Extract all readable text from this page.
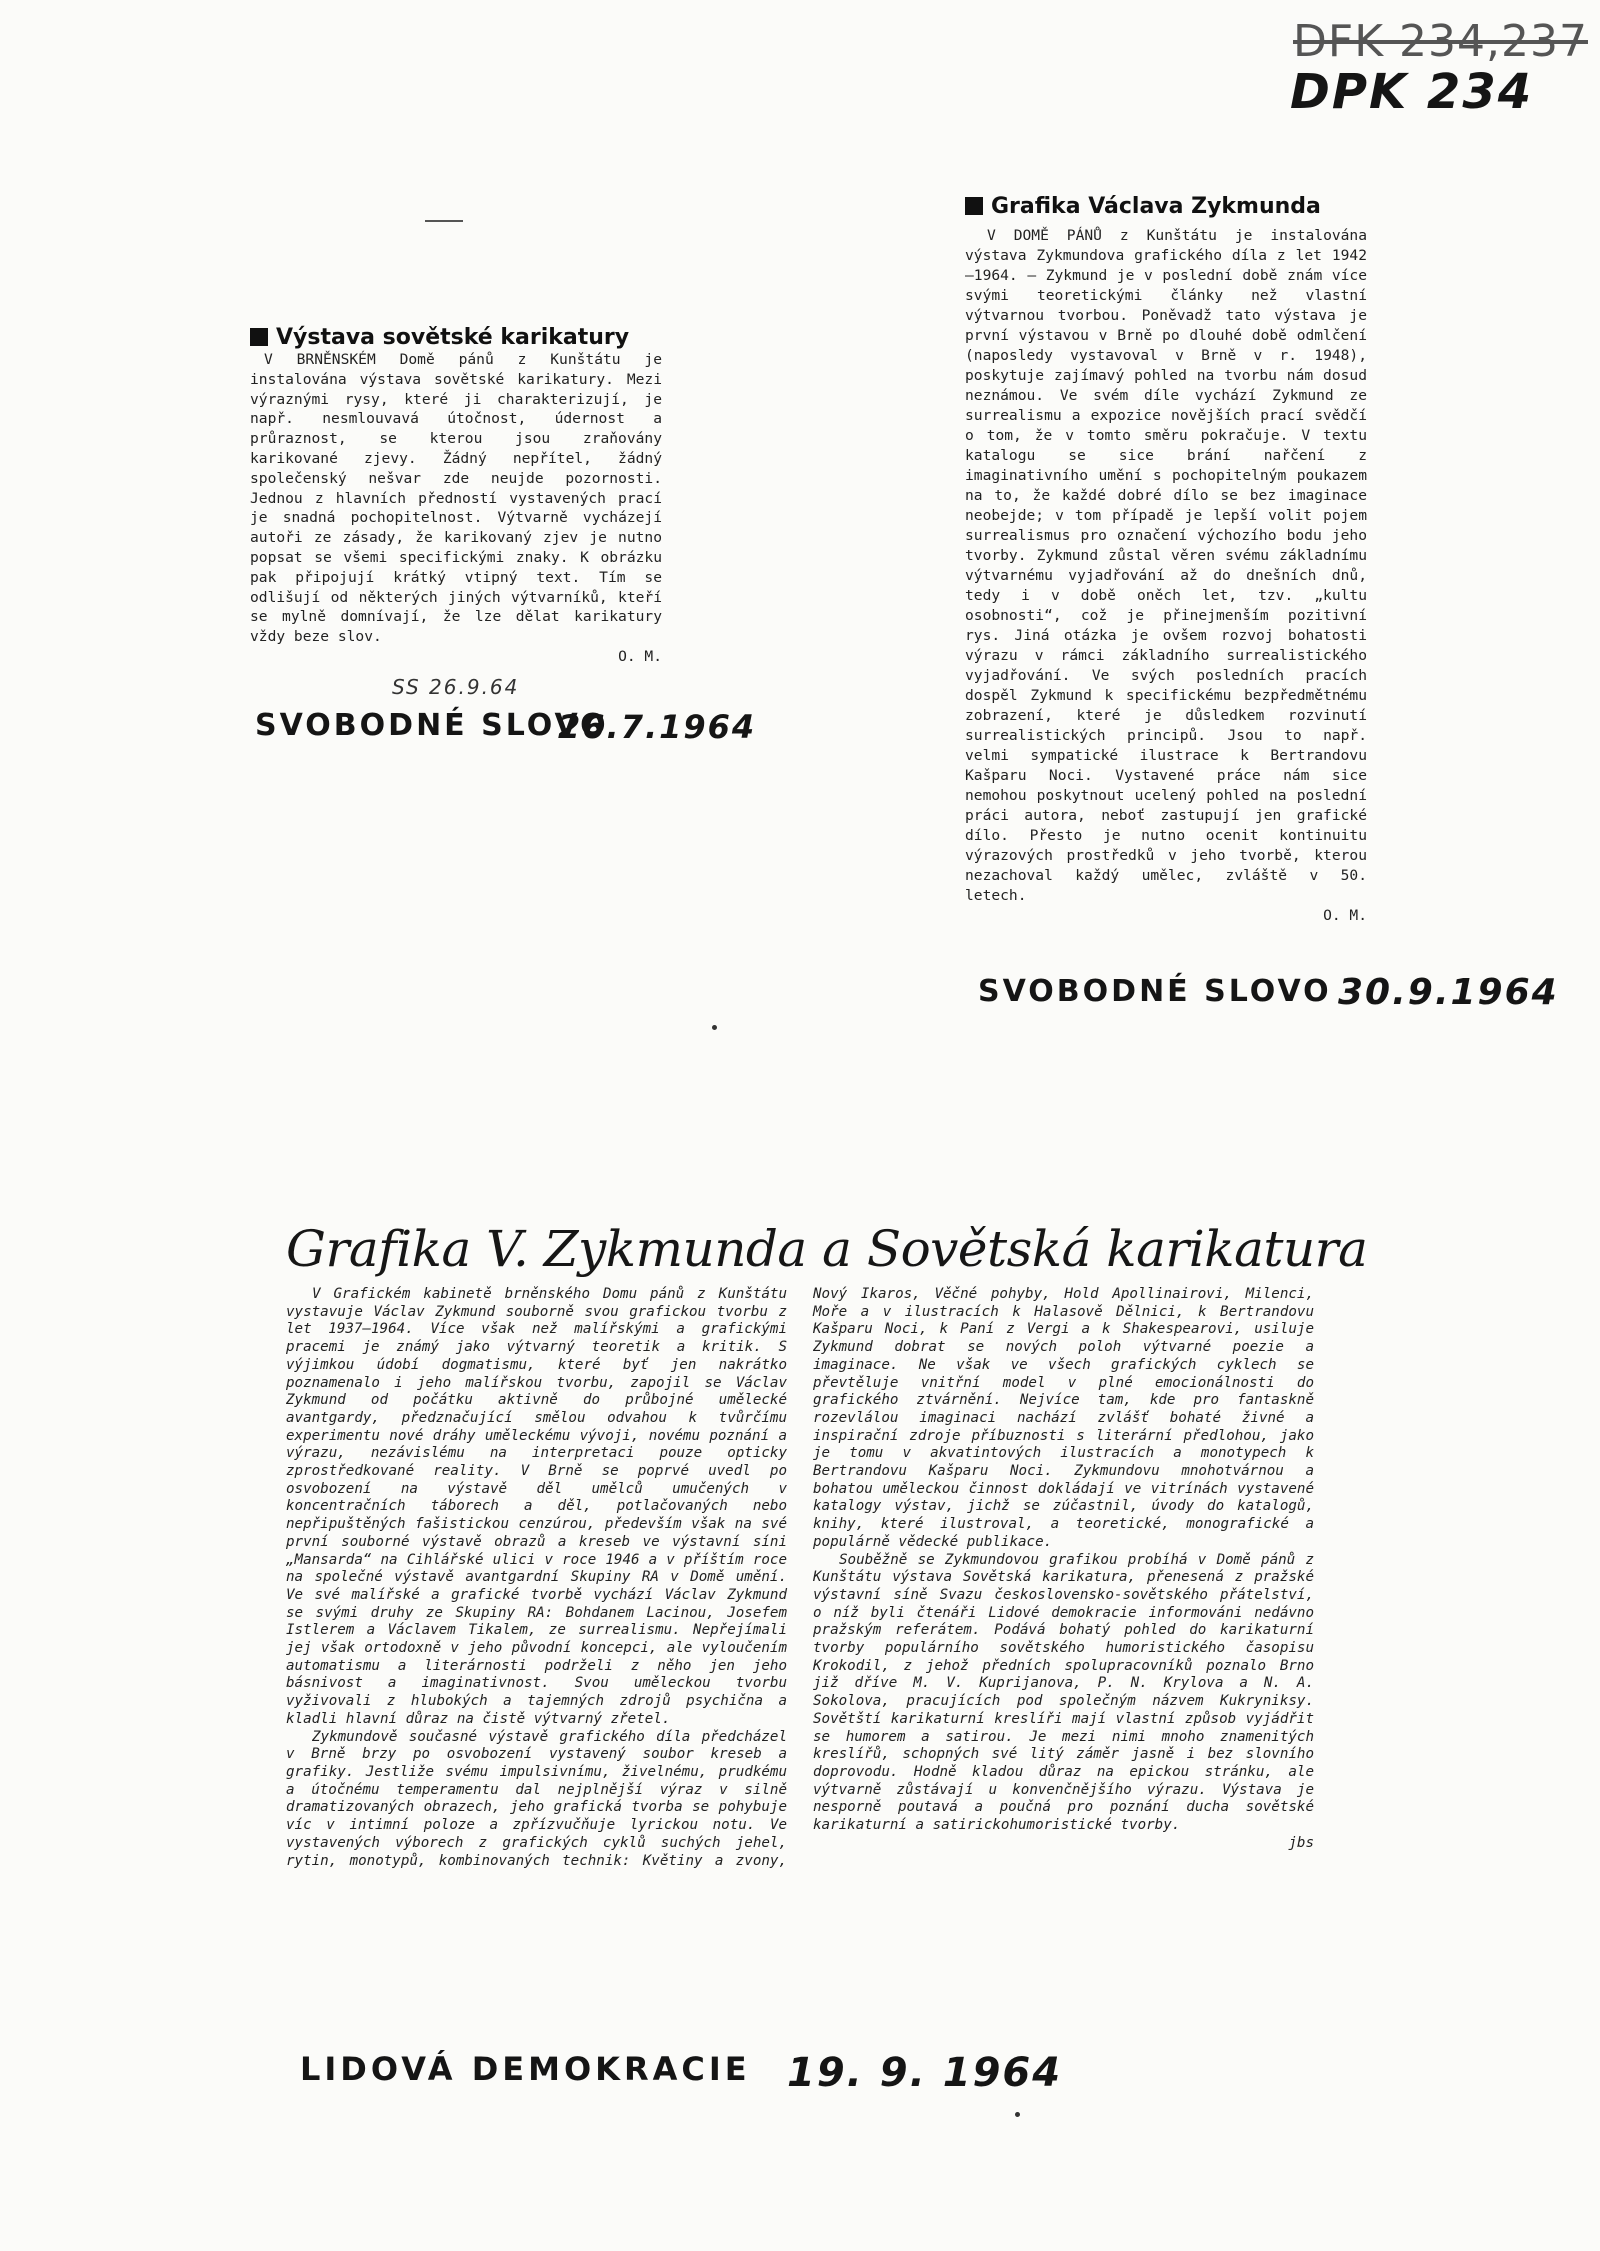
DFK 234,237
DPK 234
Výstava sovětské karikatury

V BRNĚNSKÉM Domě pánů z Kunštátu je instalována výstava sovětské karikatury. Mezi výraznými rysy, které ji charakterizují, je např. nesmlouvavá útočnost, údernost a průraznost, se kterou jsou zraňovány karikované zjevy. Žádný nepřítel, žádný společenský nešvar zde neujde pozornosti. Jednou z hlavních předností vystavených prací je snadná pochopitelnost. Výtvarně vycházejí autoři ze zásady, že karikovaný zjev je nutno popsat se všemi specifickými znaky. K obrázku pak připojují krátký vtipný text. Tím se odlišují od některých jiných výtvarníků, kteří se mylně domnívají, že lze dělat karikatury vždy beze slov.

O. M.
SS 26.9.64
SVOBODNÉ SLOVO
26.7.1964
Grafika Václava Zykmunda

V DOMĚ PÁNŮ z Kunštátu je instalována výstava Zykmundova grafického díla z let 1942—1964. — Zykmund je v poslední době znám více svými teoretickými články než vlastní výtvarnou tvorbou. Poněvadž tato výstava je první výstavou v Brně po dlouhé době odmlčení (naposledy vystavoval v Brně v r. 1948), poskytuje zajímavý pohled na tvorbu nám dosud neznámou. Ve svém díle vychází Zykmund ze surrealismu a expozice novějších prací svědčí o tom, že v tomto směru pokračuje. V textu katalogu se sice brání nařčení z imaginativního umění s pochopitelným poukazem na to, že každé dobré dílo se bez imaginace neobejde; v tom případě je lepší volit pojem surrealismus pro označení výchozího bodu jeho tvorby. Zykmund zůstal věren svému základnímu výtvarnému vyjadřování až do dnešních dnů, tedy i v době oněch let, tzv. „kultu osobnosti“, což je přinejmenším pozitivní rys. Jiná otázka je ovšem rozvoj bohatosti výrazu v rámci základního surrealistického vyjadřování. Ve svých posledních pracích dospěl Zykmund k specifickému bezpředmětnému zobrazení, které je důsledkem rozvinutí surrealistických principů. Jsou to např. velmi sympatické ilustrace k Bertrandovu Kašparu Noci. Vystavené práce nám sice nemohou poskytnout ucelený pohled na poslední práci autora, neboť zastupují jen grafické dílo. Přesto je nutno ocenit kontinuitu výrazových prostředků v jeho tvorbě, kterou nezachoval každý umělec, zvláště v 50. letech.

O. M.
SVOBODNÉ SLOVO 30.9.1964
Grafika V. Zykmunda a Sovětská karikatura

V Grafickém kabinetě brněnského Domu pánů z Kunštátu vystavuje Václav Zykmund souborně svou grafickou tvorbu z let 1937—1964. Více však než malířskými a grafickými pracemi je známý jako výtvarný teoretik a kritik. S výjimkou údobí dogmatismu, které byť jen nakrátko poznamenalo i jeho malířskou tvorbu, zapojil se Václav Zykmund od počátku aktivně do průbojné umělecké avantgardy, předznačující smělou odvahou k tvůrčímu experimentu nové dráhy uměleckému vývoji, novému poznání a výrazu, nezávislému na interpretaci pouze opticky zprostředkované reality. V Brně se poprvé uvedl po osvobození na výstavě děl umělců umučených v koncentračních táborech a děl, potlačovaných nebo nepřipuštěných fašistickou cenzúrou, především však na své první souborné výstavě obrazů a kreseb ve výstavní síni „Mansarda“ na Cihlářské ulici v roce 1946 a v příštím roce na společné výstavě avantgardní Skupiny RA v Domě umění. Ve své malířské a grafické tvorbě vychází Václav Zykmund se svými druhy ze Skupiny RA: Bohdanem Lacinou, Josefem Istlerem a Václavem Tikalem, ze surrealismu. Nepřejímali jej však ortodoxně v jeho původní koncepci, ale vyloučením automatismu a literárnosti podrželi z něho jen jeho básnivost a imaginativnost. Svou uměleckou tvorbu vyživovali z hlubokých a tajemných zdrojů psychična a kladli hlavní důraz na čistě výtvarný zřetel.

Zykmundově současné výstavě grafického díla předcházel v Brně brzy po osvobození vystavený soubor kreseb a grafiky. Jestliže svému impulsivnímu, živelnému, prudkému a útočnému temperamentu dal nejplnější výraz v silně dramatizovaných obrazech, jeho grafická tvorba se pohybuje víc v intimní poloze a zpřízvučňuje lyrickou notu. Ve vystavených výborech z grafických cyklů suchých jehel, rytin, monotypů, kombinovaných technik: Květiny a zvony, Nový Ikaros, Věčné pohyby, Hold Apollinairovi, Milenci, Moře a v ilustracích k Halasově Dělnici, k Bertrandovu Kašparu Noci, k Paní z Vergi a k Shakespearovi, usiluje Zykmund dobrat se nových poloh výtvarné poezie a imaginace. Ne však ve všech grafických cyklech se převtěluje vnitřní model v plné emocionálnosti do grafického ztvárnění. Nejvíce tam, kde pro fantaskně rozevlálou imaginaci nachází zvlášť bohaté živné a inspirační zdroje příbuznosti s literární předlohou, jako je tomu v akvatintových ilustracích a monotypech k Bertrandovu Kašparu Noci. Zykmundovu mnohotvárnou a bohatou uměleckou činnost dokládají ve vitrínách vystavené katalogy výstav, jichž se zúčastnil, úvody do katalogů, knihy, které ilustroval, a teoretické, monografické a populárně vědecké publikace.

Souběžně se Zykmundovou grafikou probíhá v Domě pánů z Kunštátu výstava Sovětská karikatura, přenesená z pražské výstavní síně Svazu československo-sovětského přátelství, o níž byli čtenáři Lidové demokracie informováni nedávno pražským referátem. Podává bohatý pohled do karikaturní tvorby populárního sovětského humoristického časopisu Krokodil, z jehož předních spolupracovníků poznalo Brno již dříve M. V. Kuprijanova, P. N. Krylova a N. A. Sokolova, pracujících pod společným názvem Kukryniksy. Sovětští karikaturní kreslíři mají vlastní způsob vyjádřit se humorem a satirou. Je mezi nimi mnoho znamenitých kreslířů, schopných své litý záměr jasně i bez slovního doprovodu. Hodně kladou důraz na epickou stránku, ale výtvarně zůstávají u konvenčnějšího výrazu. Výstava je nesporně poutavá a poučná pro poznání ducha sovětské karikaturní a satirickohumoristické tvorby.

jbs
LIDOVÁ DEMOKRACIE 19. 9. 1964
